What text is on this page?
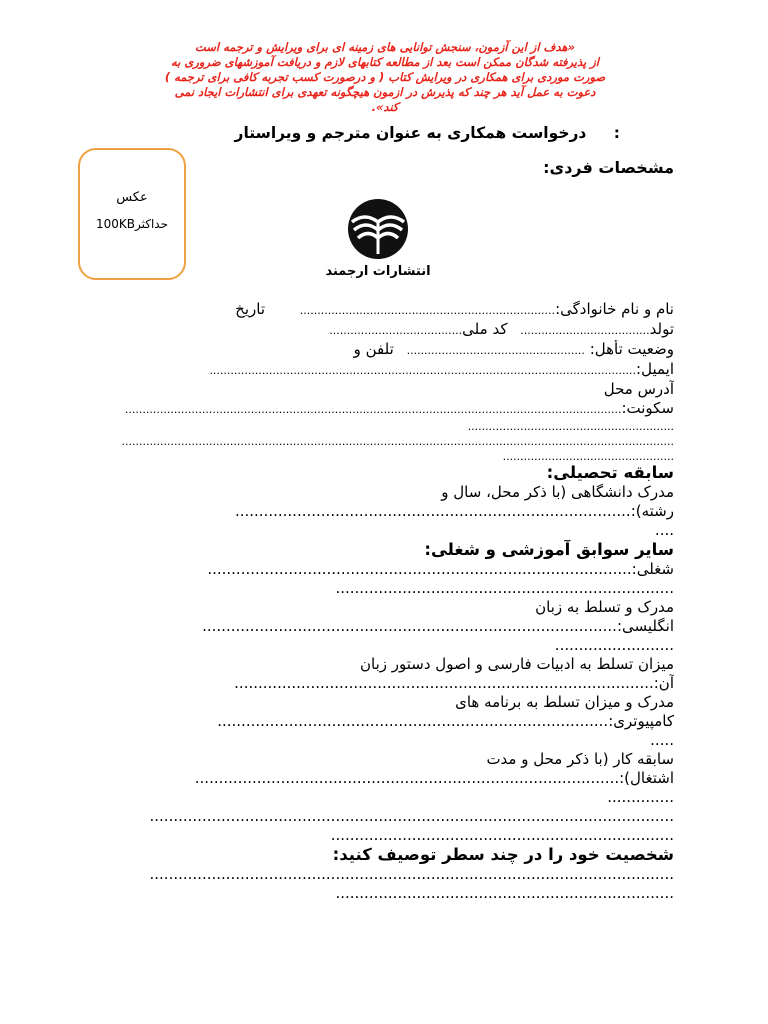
«هدف از این آزمون، سنجش توانایی های زمینه ای برای ویرایش و ترجمه است
از پذیرفته شدگان ممکن است بعد از مطالعه کتابهای لازم و دریافت آموزشهای ضروری به
صورت موردی برای همکاری در ویرایش کتاب ( و درصورت کسب تجربه کافی برای ترجمه )
دعوت به عمل آید هر چند که پذیرش در ازمون هیچگونه تعهدی برای انتشارات ایجاد نمی
کند».
: درخواست همکاری به عنوان مترجم و ویراستار
مشخصات فردی:
عکس
حداکثر100KB
انتشارات ارجمند
نام و نام خانوادگی:......................................................................... تاریخ
تولد..................................... کد ملی......................................
وضعیت تأهل: ................................................... تلفن و
ایمیل:..........................................................................................................................
آدرس محل
سکونت:..............................................................................................................................................
...........................................................
..............................................................................................................................................................
.................................................
سابقه تحصیلی:
مدرک دانشگاهی (با ذکر محل، سال و
رشته):...................................................................................
....
سایر سوابق آموزشی و شغلی:
شغلی:.........................................................................................
.......................................................................
مدرک و تسلط به زبان
انگلیسی:.......................................................................................
.........................
میزان تسلط به ادبیات فارسی و اصول دستور زبان
آن:........................................................................................
مدرک و میزان تسلط به برنامه های
کامپیوتری:..................................................................................
.....
سابقه کار (با ذکر محل و مدت
اشتغال):.........................................................................................
..............
..............................................................................................................
........................................................................
شخصیت خود را در چند سطر توصیف کنید:
..............................................................................................................
.......................................................................
